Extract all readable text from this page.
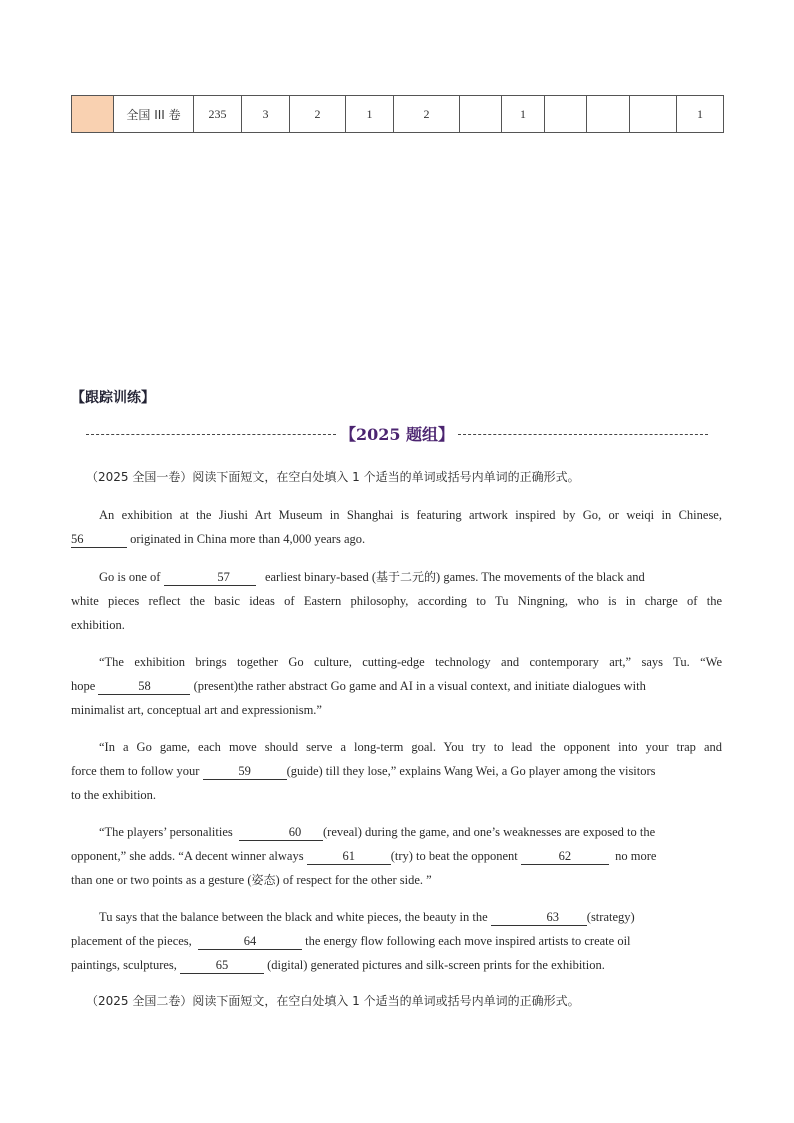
	全国 III 卷	235	3	2	1	2		1				1
【跟踪训练】
【2025 题组】
（2025 全国一卷）阅读下面短文，在空白处填入 1 个适当的单词或括号内单词的正确形式。
An exhibition at the Jiushi Art Museum in Shanghai is featuring artwork inspired by Go, or weiqi in Chinese,
56	originated in China more than 4,000 years ago.
Go is one of	57	earliest binary-based (基于二元的) games. The movements of the black and
white pieces reflect the basic ideas of Eastern philosophy, according to Tu Ningning, who is in charge of the
exhibition.
“The exhibition brings together Go culture, cutting-edge technology and contemporary art,” says Tu. “We
hope	58	(present)the rather abstract Go game and AI in a visual context, and initiate dialogues with
minimalist art, conceptual art and expressionism.”
“In a Go game, each move should serve a long-term goal. You try to lead the opponent into your trap and
force them to follow your	59	(guide) till they lose,” explains Wang Wei, a Go player among the visitors
to the exhibition.
“The players’ personalities	60 (reveal) during the game, and one’s weaknesses are exposed to the
opponent,” she adds. “A decent winner always	61	(try) to beat the opponent	62	no more
than one or two points as a gesture (姿态) of respect for the other side. ”
Tu says that the balance between the black and white pieces, the beauty in the	63 (strategy)
placement of the pieces,	64	the energy flow following each move inspired artists to create oil
paintings, sculptures,	65	(digital) generated pictures and silk-screen prints for the exhibition.
（2025 全国二卷）阅读下面短文，在空白处填入 1 个适当的单词或括号内单词的正确形式。
